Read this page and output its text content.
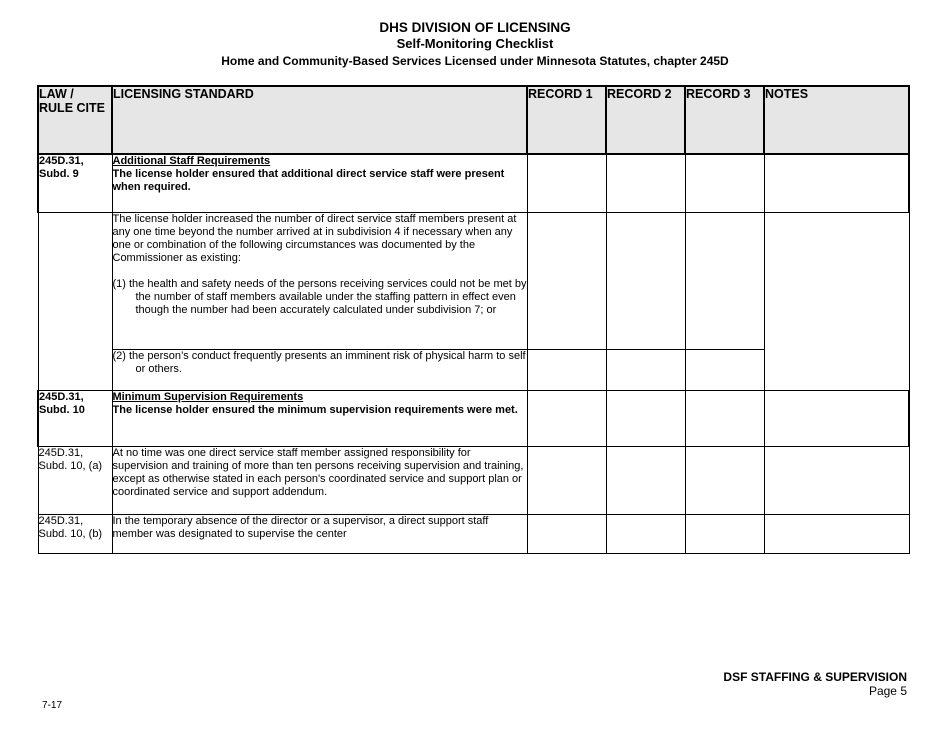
DHS DIVISION OF LICENSING
Self-Monitoring Checklist
Home and Community-Based Services Licensed under Minnesota Statutes, chapter 245D
LAW / RULE CITE	LICENSING STANDARD	RECORD 1	RECORD 2	RECORD 3	NOTES
245D.31, Subd. 9	Additional Staff Requirements
The license holder ensured that additional direct service staff were present when required.				

	The license holder increased the number of direct service staff members present at any one time beyond the number arrived at in subdivision 4 if necessary when any one or combination of the following circumstances was documented by the Commissioner as existing:

(1) the health and safety needs of the persons receiving services could not be met by the number of staff members available under the staffing pattern in effect even though the number had been accurately calculated under subdivision 7; or				

	(2) the person’s conduct frequently presents an imminent risk of physical harm to self or others.				

245D.31, Subd. 10	Minimum Supervision Requirements
The license holder ensured the minimum supervision requirements were met.				

245D.31, Subd. 10, (a)	At no time was one direct service staff member assigned responsibility for supervision and training of more than ten persons receiving supervision and training, except as otherwise stated in each person's coordinated service and support plan or coordinated service and support addendum.				

245D.31, Subd. 10, (b)	In the temporary absence of the director or a supervisor, a direct support staff member was designated to supervise the center				

DSF STAFFING & SUPERVISION
Page 5
7-17
